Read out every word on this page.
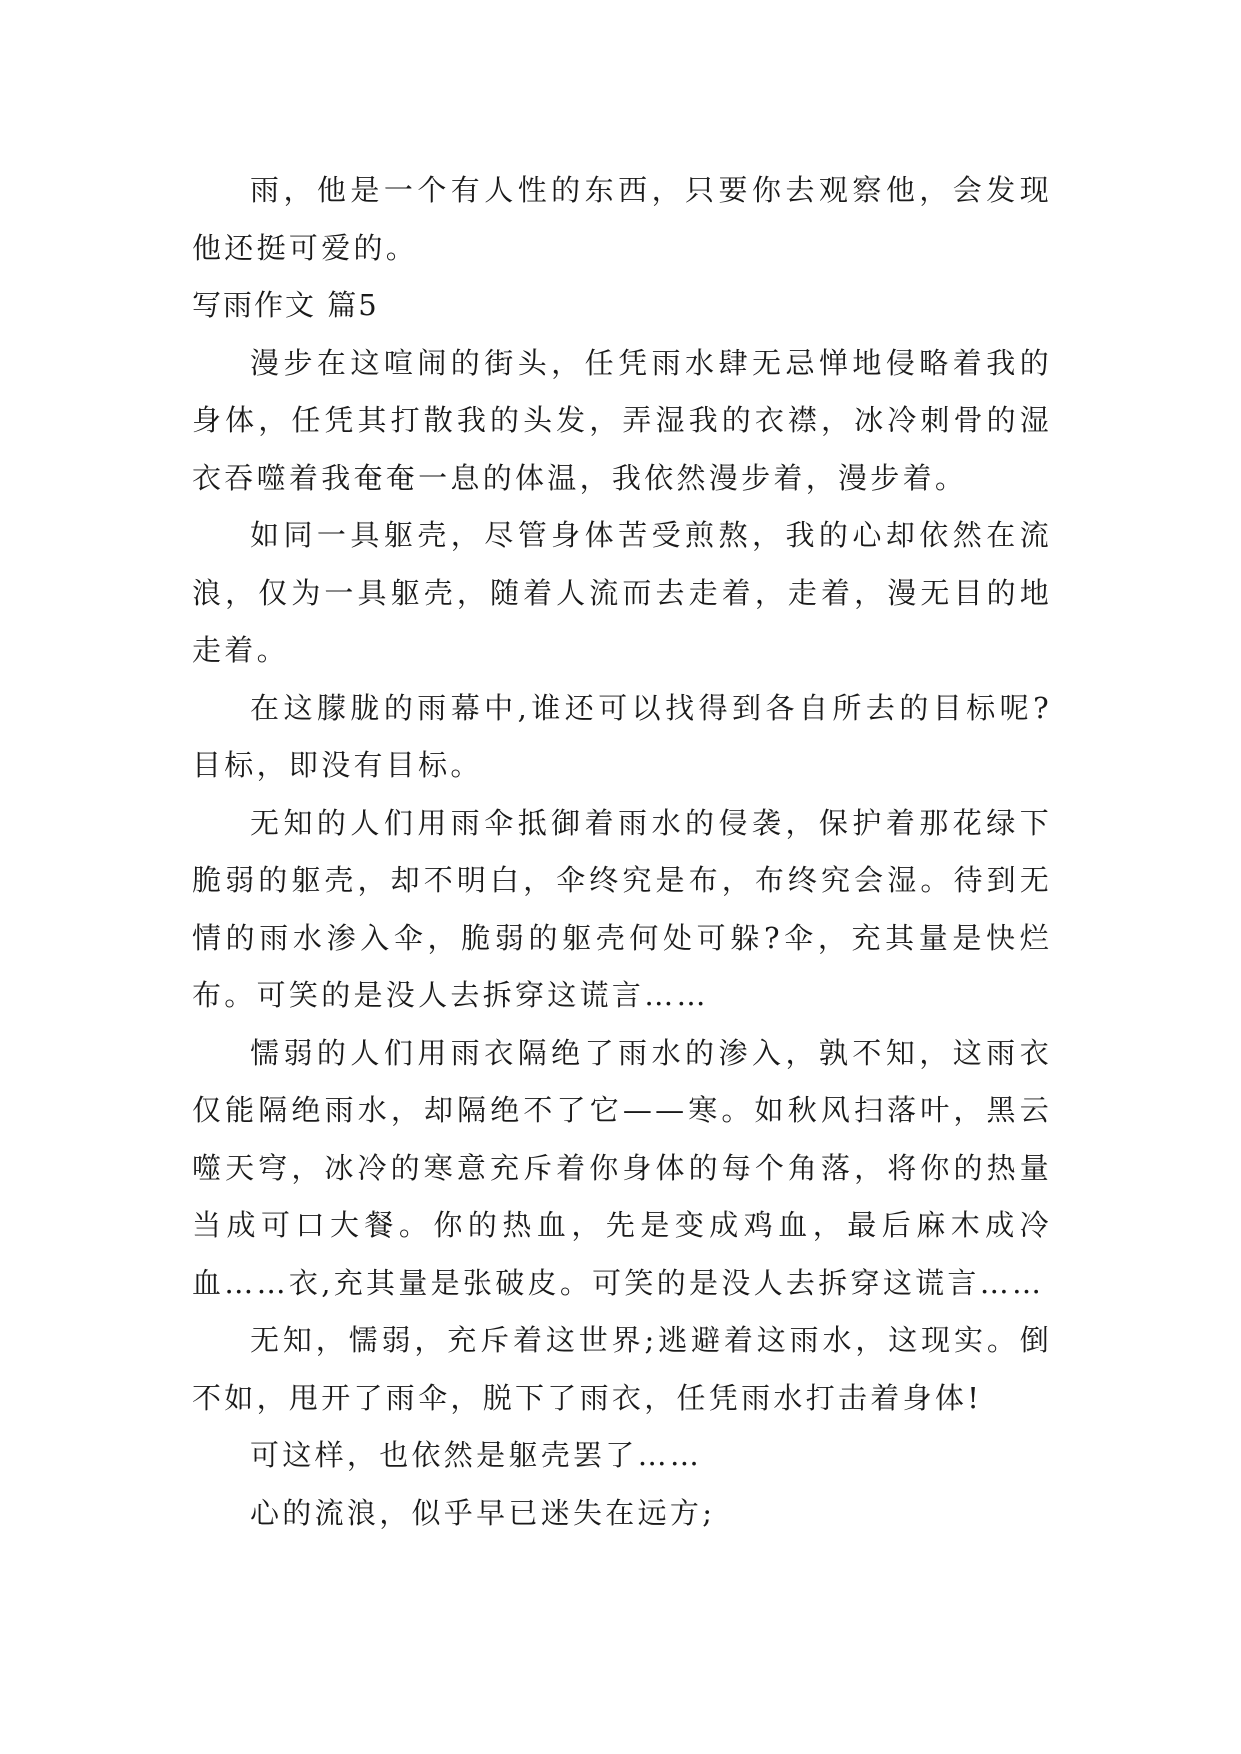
雨，他是一个有人性的东西，只要你去观察他，会发现他还挺可爱的。

写雨作文 篇5

漫步在这喧闹的街头，任凭雨水肆无忌惮地侵略着我的身体，任凭其打散我的头发，弄湿我的衣襟，冰冷刺骨的湿衣吞噬着我奄奄一息的体温，我依然漫步着，漫步着。

如同一具躯壳，尽管身体苦受煎熬，我的心却依然在流浪，仅为一具躯壳，随着人流而去走着，走着，漫无目的地走着。

在这朦胧的雨幕中,谁还可以找得到各自所去的目标呢?目标，即没有目标。

无知的人们用雨伞抵御着雨水的侵袭，保护着那花绿下脆弱的躯壳，却不明白，伞终究是布，布终究会湿。待到无情的雨水渗入伞，脆弱的躯壳何处可躲?伞，充其量是快烂布。可笑的是没人去拆穿这谎言……

懦弱的人们用雨衣隔绝了雨水的渗入，孰不知，这雨衣仅能隔绝雨水，却隔绝不了它——寒。如秋风扫落叶，黑云噬天穹，冰冷的寒意充斥着你身体的每个角落，将你的热量当成可口大餐。你的热血，先是变成鸡血，最后麻木成冷血……衣,充其量是张破皮。可笑的是没人去拆穿这谎言……

无知，懦弱，充斥着这世界;逃避着这雨水，这现实。倒不如，甩开了雨伞，脱下了雨衣，任凭雨水打击着身体!

可这样，也依然是躯壳罢了……

心的流浪，似乎早已迷失在远方;
